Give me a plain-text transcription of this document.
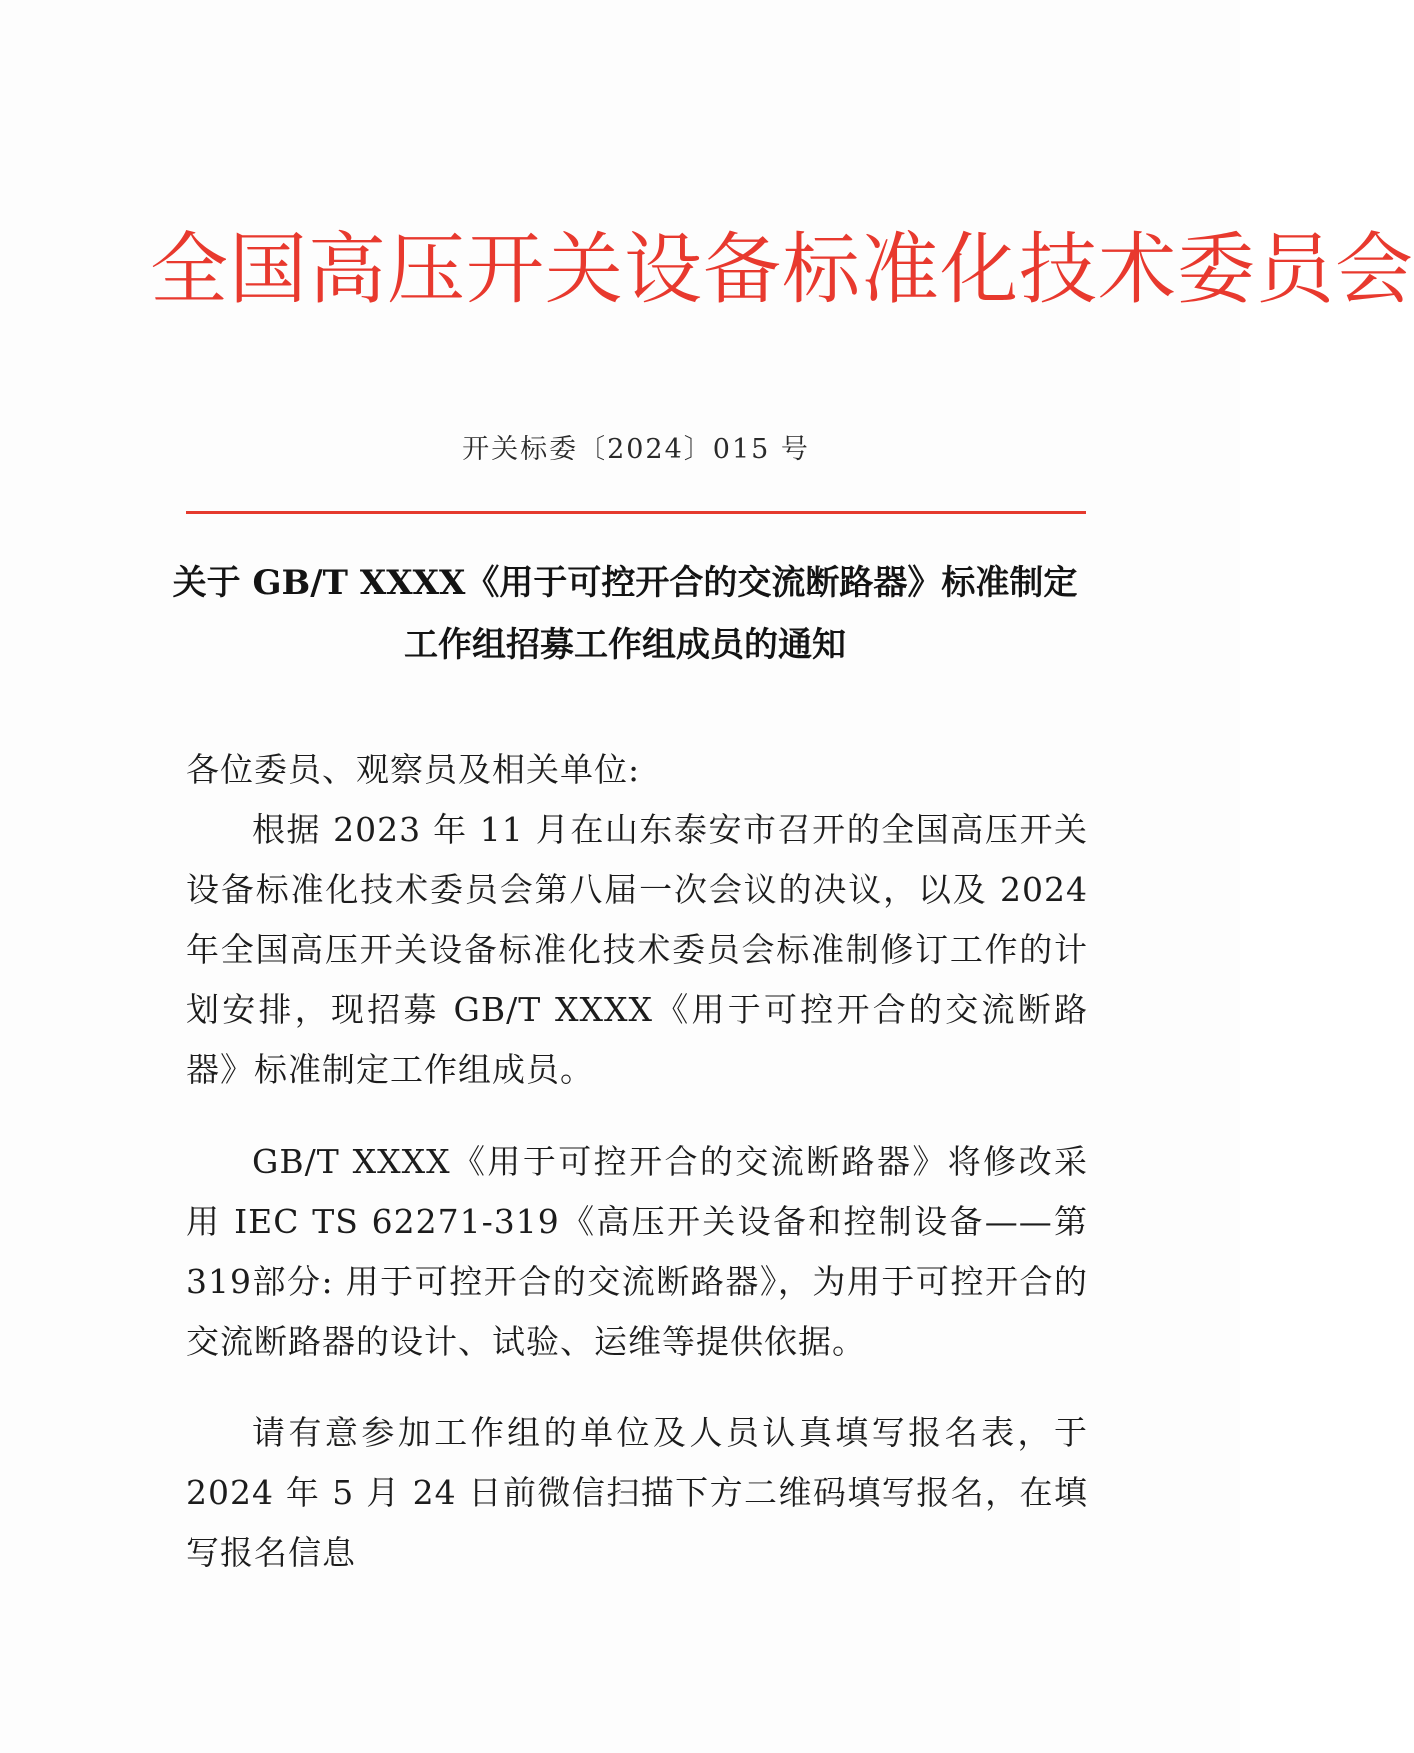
全国高压开关设备标准化技术委员会
开关标委〔2024〕015 号
关于 GB/T XXXX《用于可控开合的交流断路器》标准制定
工作组招募工作组成员的通知
各位委员、观察员及相关单位:
根据 2023 年 11 月在山东泰安市召开的全国高压开关设备标准化技术委员会第八届一次会议的决议，以及 2024 年全国高压开关设备标准化技术委员会标准制修订工作的计划安排，现招募 GB/T XXXX《用于可控开合的交流断路器》标准制定工作组成员。
GB/T XXXX《用于可控开合的交流断路器》将修改采用 IEC TS 62271-319《高压开关设备和控制设备——第319部分: 用于可控开合的交流断路器》，为用于可控开合的交流断路器的设计、试验、运维等提供依据。
请有意参加工作组的单位及人员认真填写报名表，于 2024 年 5 月 24 日前微信扫描下方二维码填写报名，在填写报名信息
